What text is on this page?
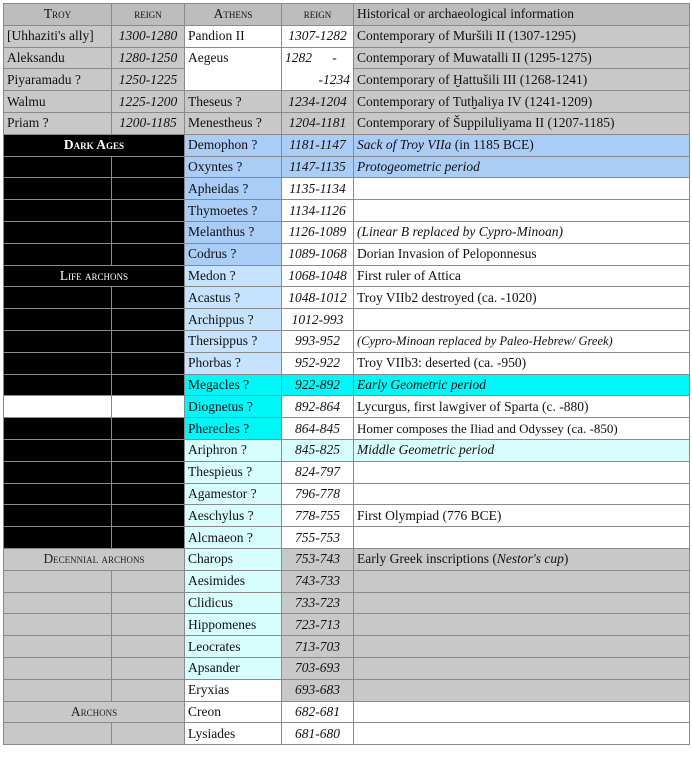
Troy	reign	Athens	reign	Historical or archaeological information
[Uhhaziti's ally]	1300-1280	Pandion II	1307-1282	Contemporary of Muršili II (1307-1295)
Aleksandu	1280-1250	Aegeus	1282      -	Contemporary of Muwatalli II (1295-1275)
Piyaramadu ?	1250-1225		-1234	Contemporary of Ḫattušili III (1268-1241)
Walmu	1225-1200	Theseus ?	1234-1204	Contemporary of Tutḫaliya IV (1241-1209)
Priam ?	1200-1185	Menestheus ?	1204-1181	Contemporary of Šuppiluliyama II (1207-1185)
Dark Ages		Demophon ?	1181-1147	Sack of Troy VIIa (in 1185 BCE)
		Oxyntes ?	1147-1135	Protogeometric period
		Apheidas ?	1135-1134	
		Thymoetes ?	1134-1126	
		Melanthus ?	1126-1089	(Linear B replaced by Cypro-Minoan)
		Codrus ?	1089-1068	Dorian Invasion of Peloponnesus
Life archons		Medon ?	1068-1048	First ruler of Attica
		Acastus ?	1048-1012	Troy VIIb2 destroyed (ca. -1020)
		Archippus ?	1012-993	
		Thersippus ?	993-952	(Cypro-Minoan replaced by Paleo-Hebrew/ Greek)
		Phorbas ?	952-922	Troy VIIb3: deserted (ca. -950)
		Megacles ?	922-892	Early Geometric period
		Diognetus ?	892-864	Lycurgus, first lawgiver of Sparta (c. -880)
		Pherecles ?	864-845	Homer composes the Iliad and Odyssey (ca. -850)
		Ariphron ?	845-825	Middle Geometric period
		Thespieus ?	824-797	
		Agamestor ?	796-778	
		Aeschylus ?	778-755	First Olympiad (776 BCE)
		Alcmaeon ?	755-753	
Decennial archons		Charops	753-743	Early Greek inscriptions (Nestor's cup)
		Aesimides	743-733	
		Clidicus	733-723	
		Hippomenes	723-713	
		Leocrates	713-703	
		Apsander	703-693	
		Eryxias	693-683	
Archons		Creon	682-681	
		Lysiades	681-680	
